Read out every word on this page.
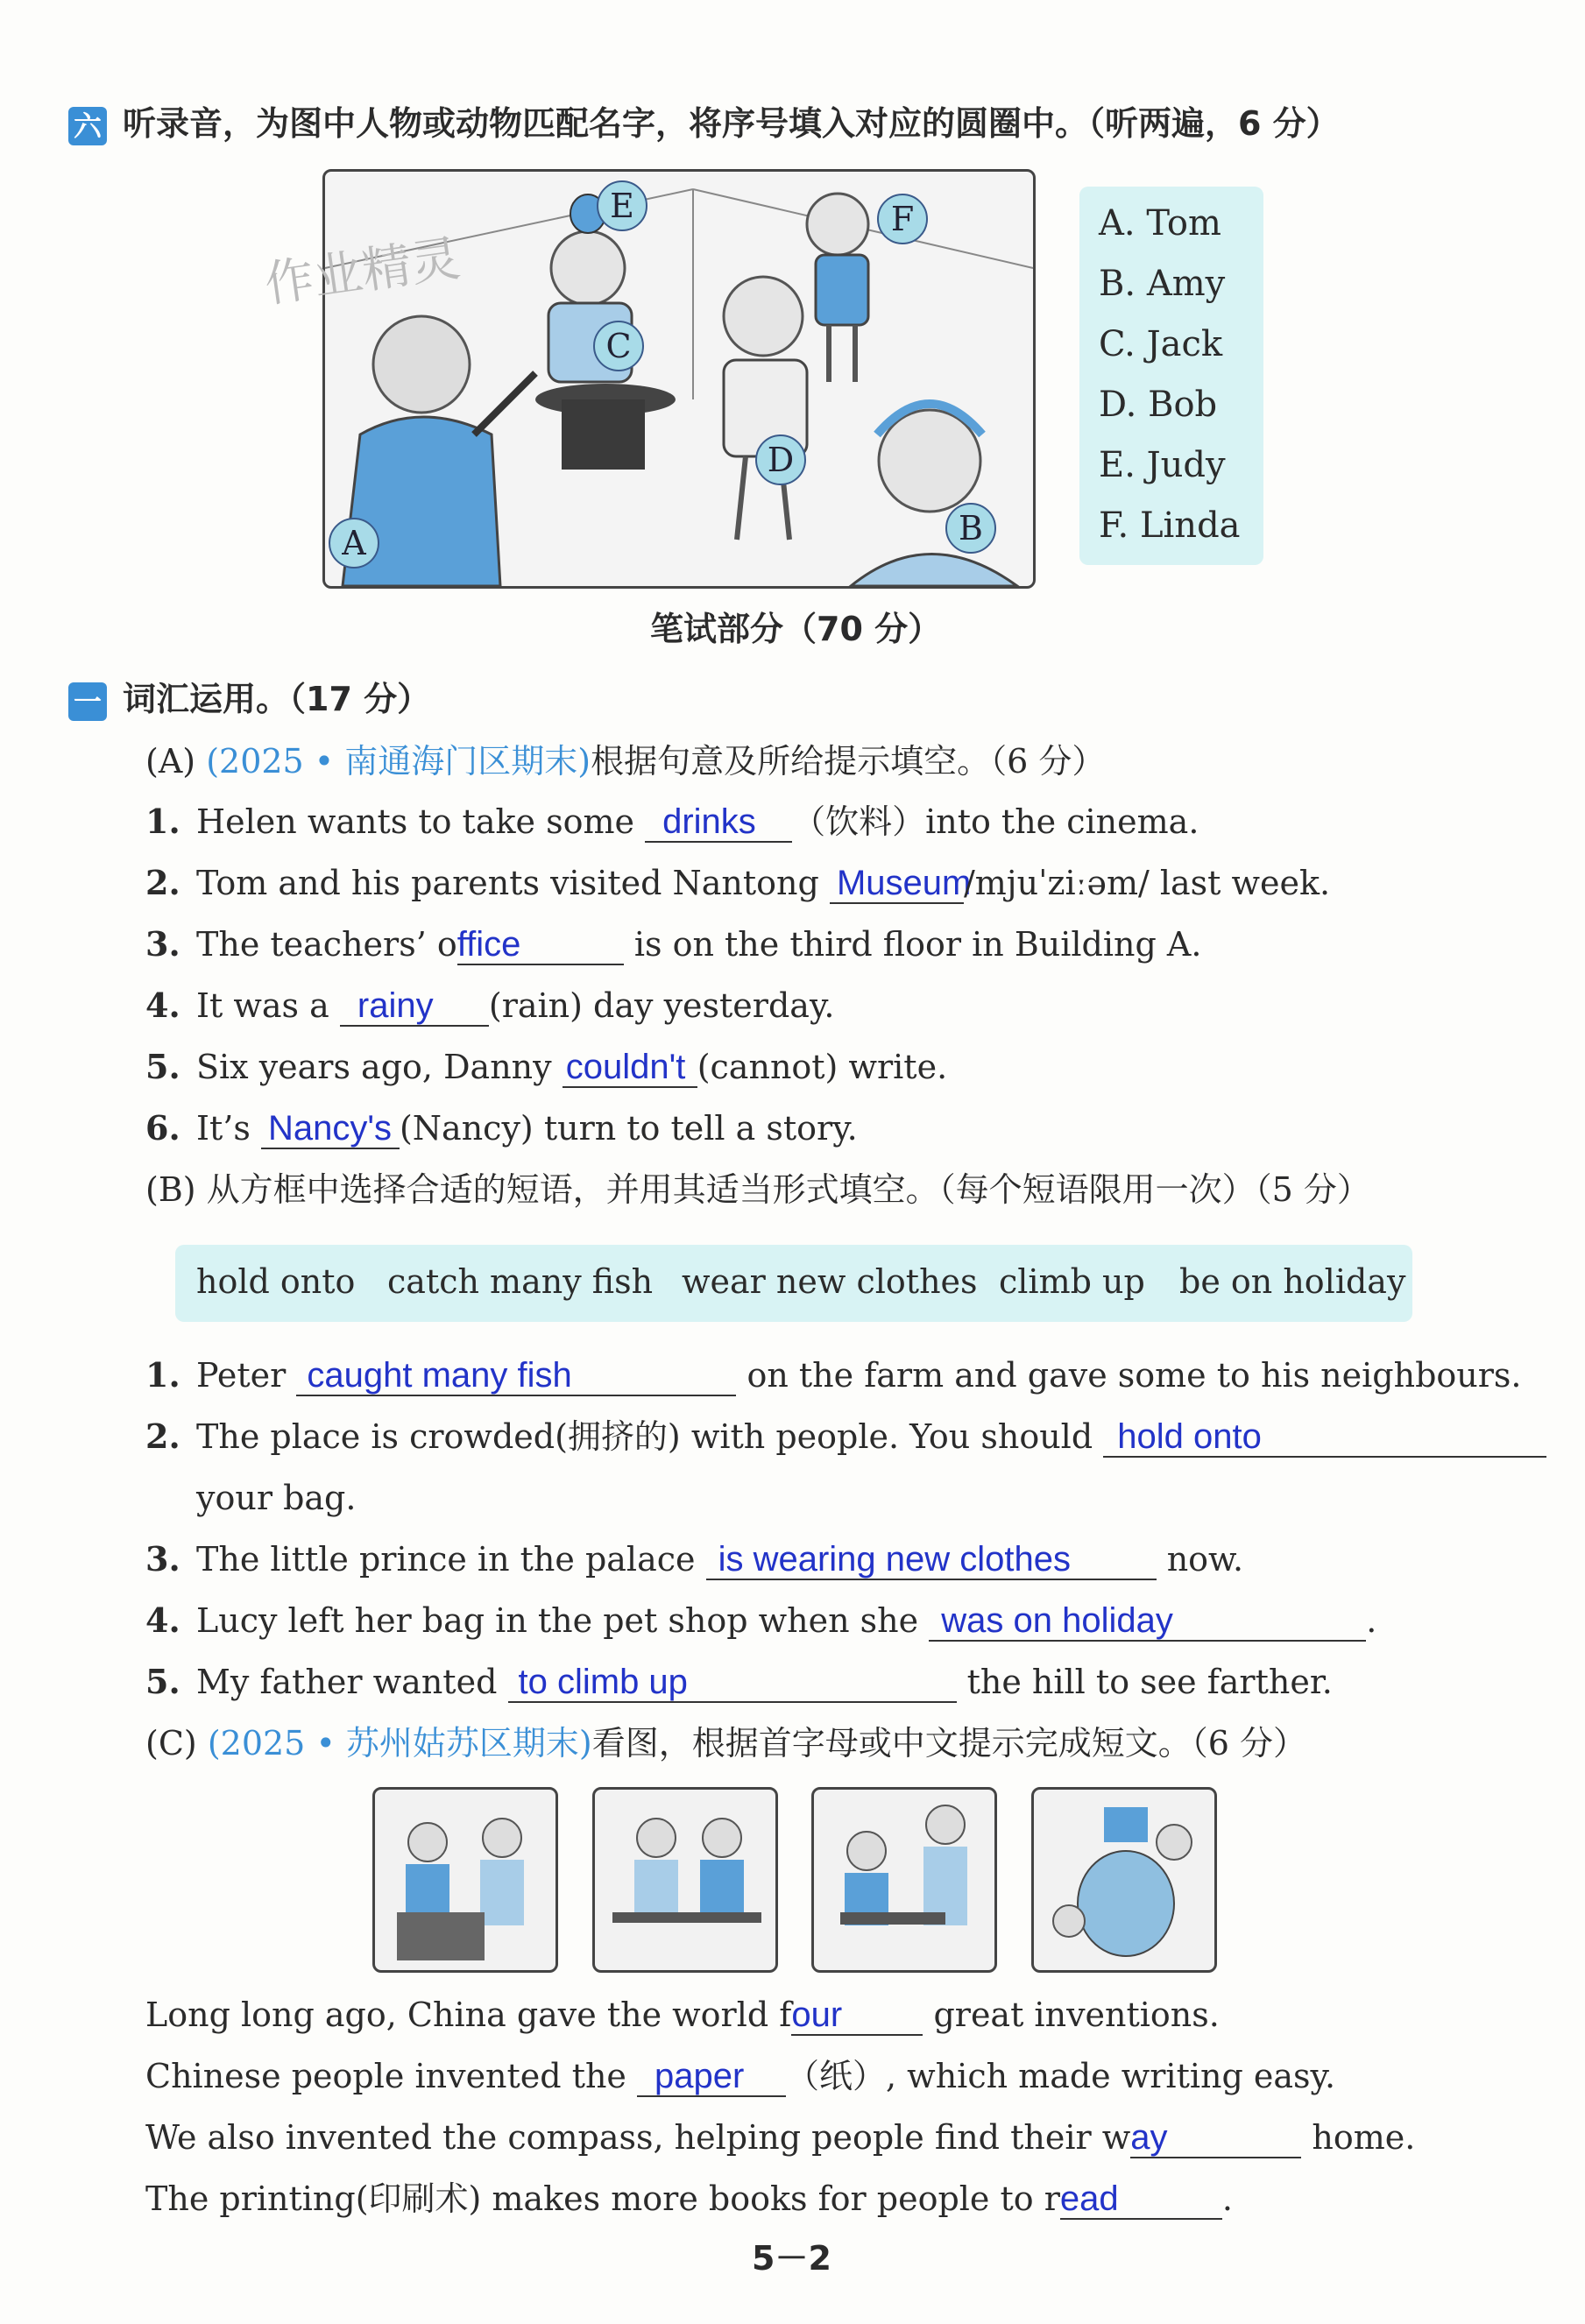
六 听录音，为图中人物或动物匹配名字，将序号填入对应的圆圈中。（听两遍，6 分）
E	F
C
D
A	B
作业精灵
A. Tom
B. Amy
C. Jack
D. Bob
E. Judy
F. Linda
笔试部分（70 分）
一 词汇运用。（17 分）
(A) (2025 • 南通海门区期末)根据句意及所给提示填空。（6 分）
1. Helen wants to take some drinks （饮料）into the cinema.
2. Tom and his parents visited Nantong Museum/mjuˈziːəm/ last week.
3. The teachers’ office	is on the third floor in Building A.
4. It was a rainy (rain) day yesterday.
5. Six years ago, Danny couldn't (cannot) write.
6. It’s Nancy's (Nancy) turn to tell a story.
(B) 从方框中选择合适的短语，并用其适当形式填空。（每个短语限用一次）（5 分）
hold onto catch many fish wear new clothes climb up be on holiday
1. Peter caught many fish	on the farm and gave some to his neighbours.
2. The place is crowded(拥挤的) with people. You should hold onto
your bag.
3. The little prince in the palace is wearing new clothes	now.
4. Lucy left her bag in the pet shop when she was on holiday	.
5. My father wanted to climb up	the hill to see farther.
(C) (2025 • 苏州姑苏区期末)看图，根据首字母或中文提示完成短文。（6 分）
Long long ago, China gave the world four	great inventions.
Chinese people invented the paper （纸）, which made writing easy.
We also invented the compass, helping people find their way	home.
The printing(印刷术) makes more books for people to read	.
5－2
